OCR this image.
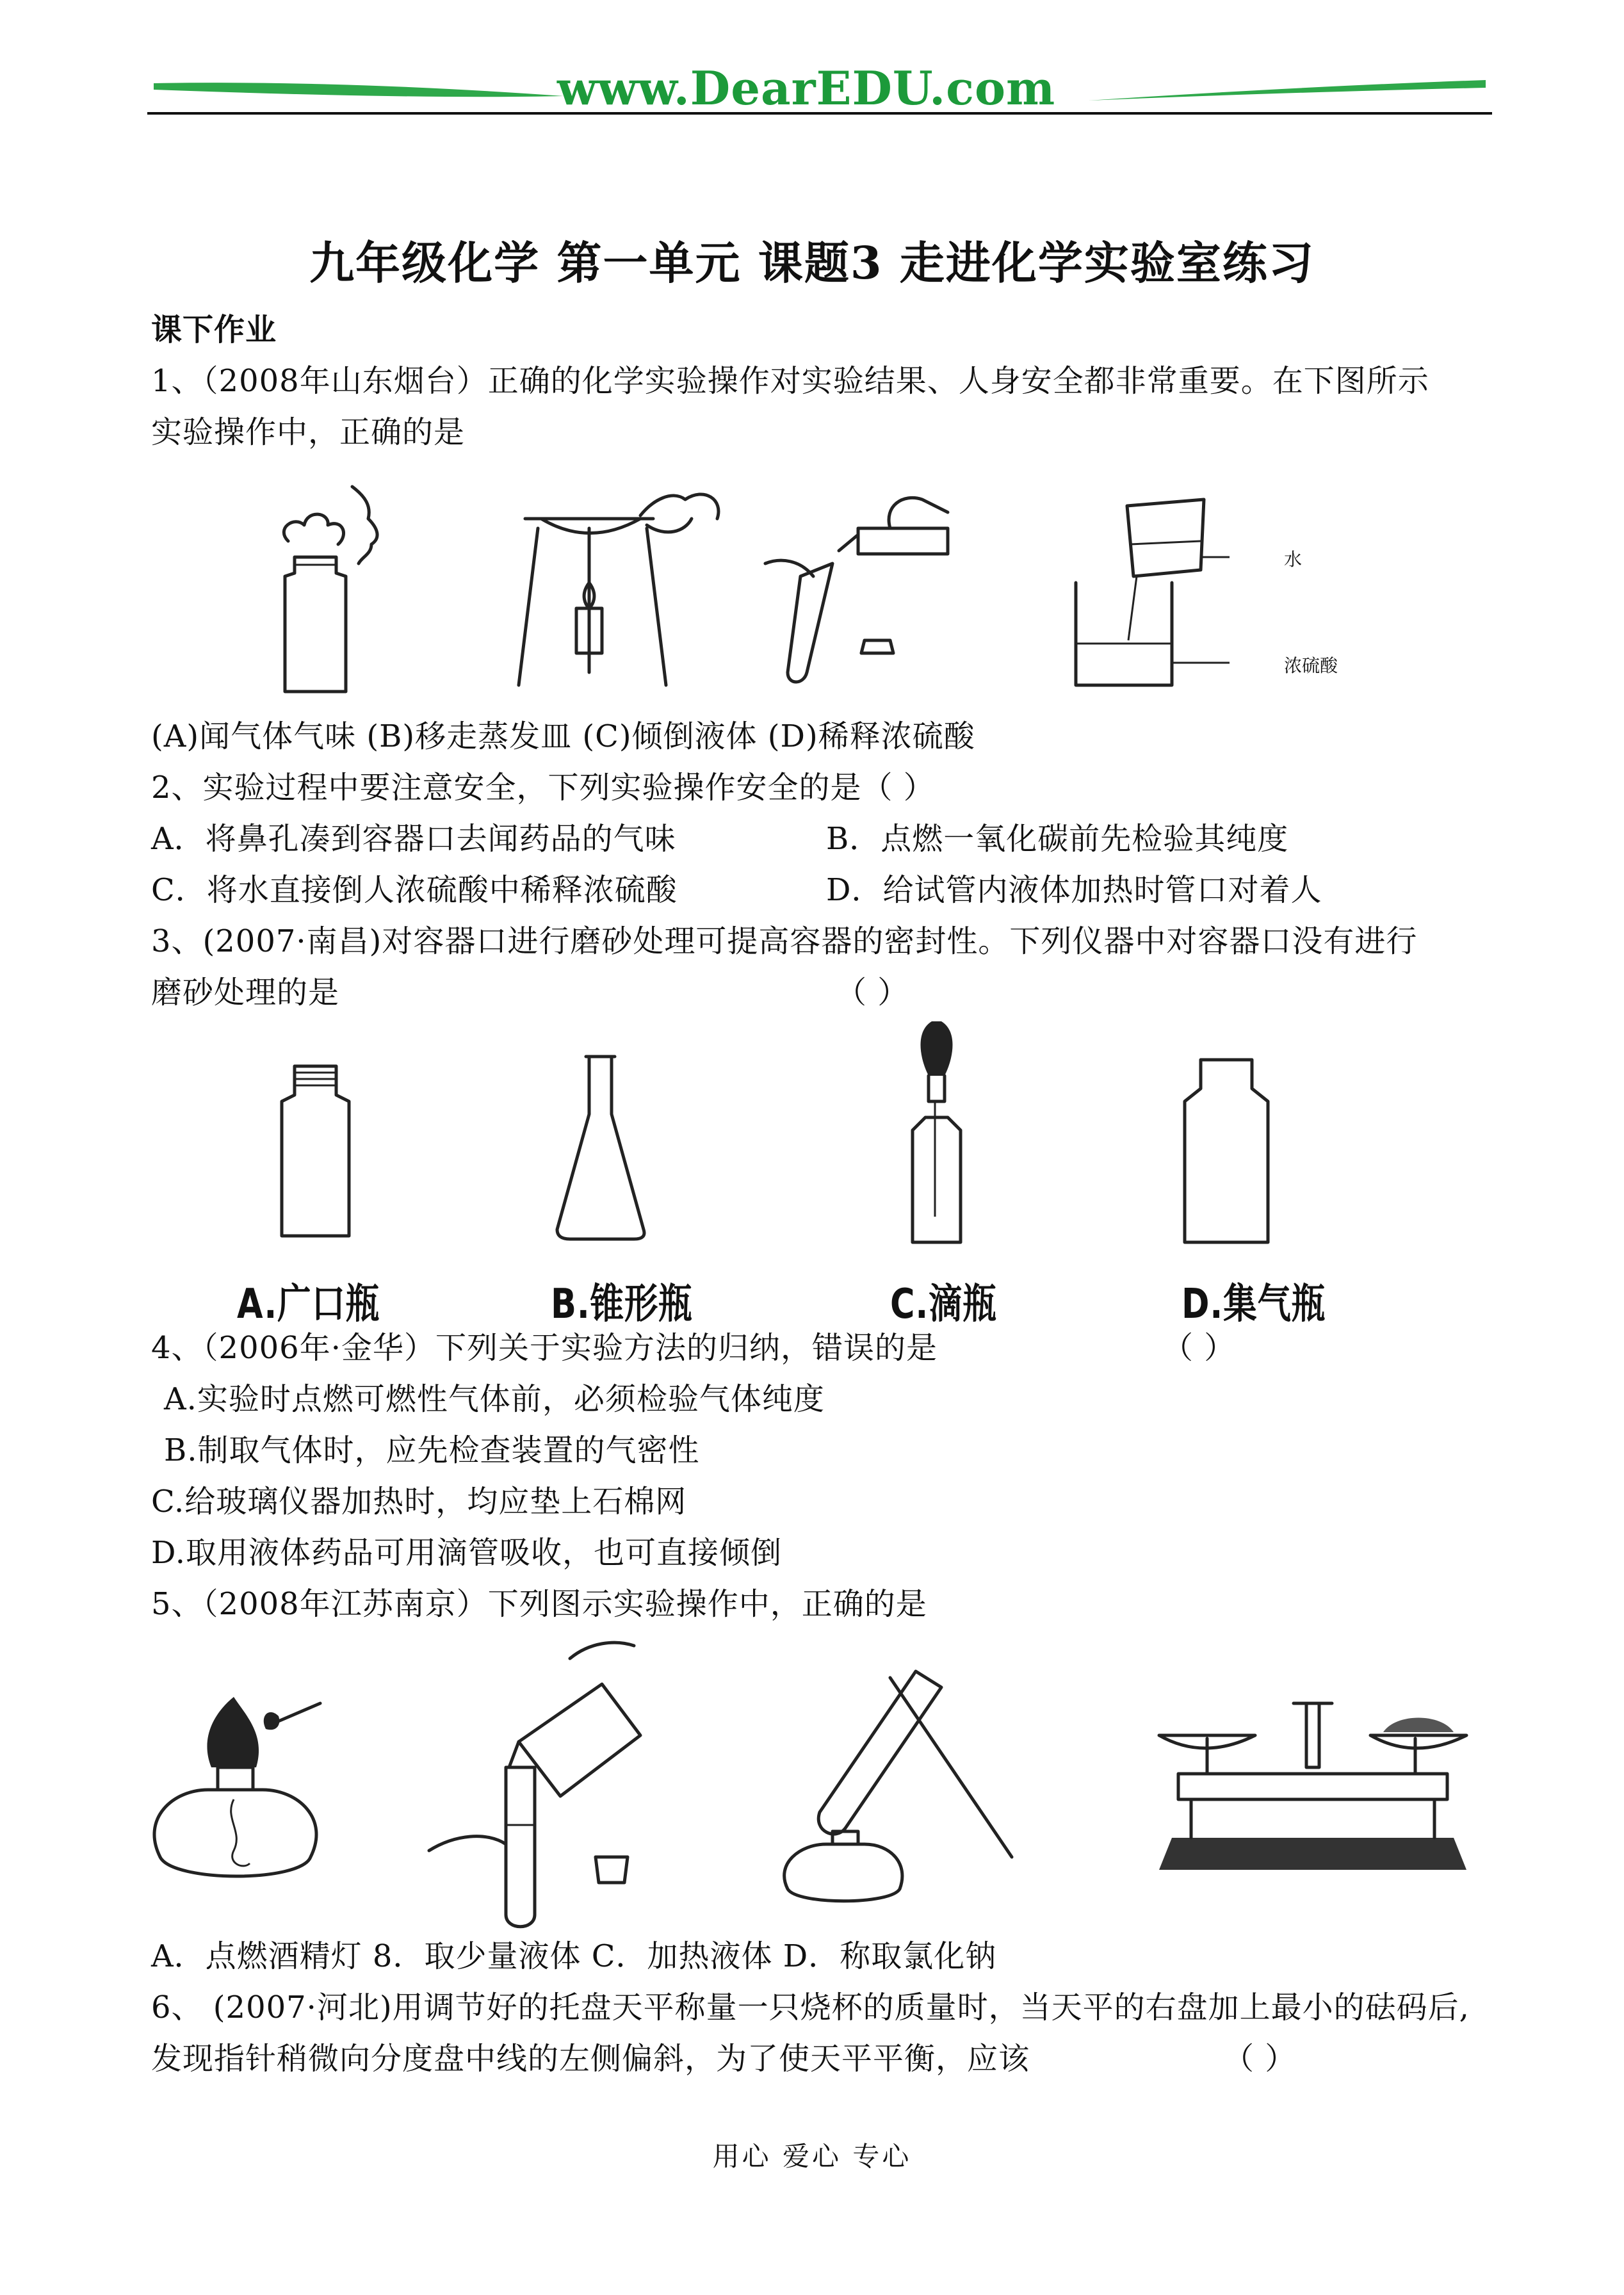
www.DearEDU.com
九年级化学 第一单元 课题3 走进化学实验室练习
课下作业
1、（2008年山东烟台）正确的化学实验操作对实验结果、人身安全都非常重要。在下图所示
实验操作中，正确的是
水
浓硫酸
(A)闻气体气味 (B)移走蒸发皿 (C)倾倒液体 (D)稀释浓硫酸
2、实验过程中要注意安全，下列实验操作安全的是（ ）
A．将鼻孔凑到容器口去闻药品的气味	B．点燃一氧化碳前先检验其纯度
C．将水直接倒人浓硫酸中稀释浓硫酸	D．给试管内液体加热时管口对着人
3、(2007·南昌)对容器口进行磨砂处理可提高容器的密封性。下列仪器中对容器口没有进行
磨砂处理的是	（ ）
A.广口瓶	B.锥形瓶	C.滴瓶	D.集气瓶
4、（2006年·金华）下列关于实验方法的归纳，错误的是	（ ）
A.实验时点燃可燃性气体前，必须检验气体纯度
B.制取气体时，应先检查装置的气密性
C.给玻璃仪器加热时，均应垫上石棉网
D.取用液体药品可用滴管吸收，也可直接倾倒
5、（2008年江苏南京）下列图示实验操作中，正确的是
A．点燃酒精灯 8．取少量液体 C．加热液体 D．称取氯化钠
6、 (2007·河北)用调节好的托盘天平称量一只烧杯的质量时，当天平的右盘加上最小的砝码后,
发现指针稍微向分度盘中线的左侧偏斜，为了使天平平衡，应该	（ ）
用心 爱心 专心
